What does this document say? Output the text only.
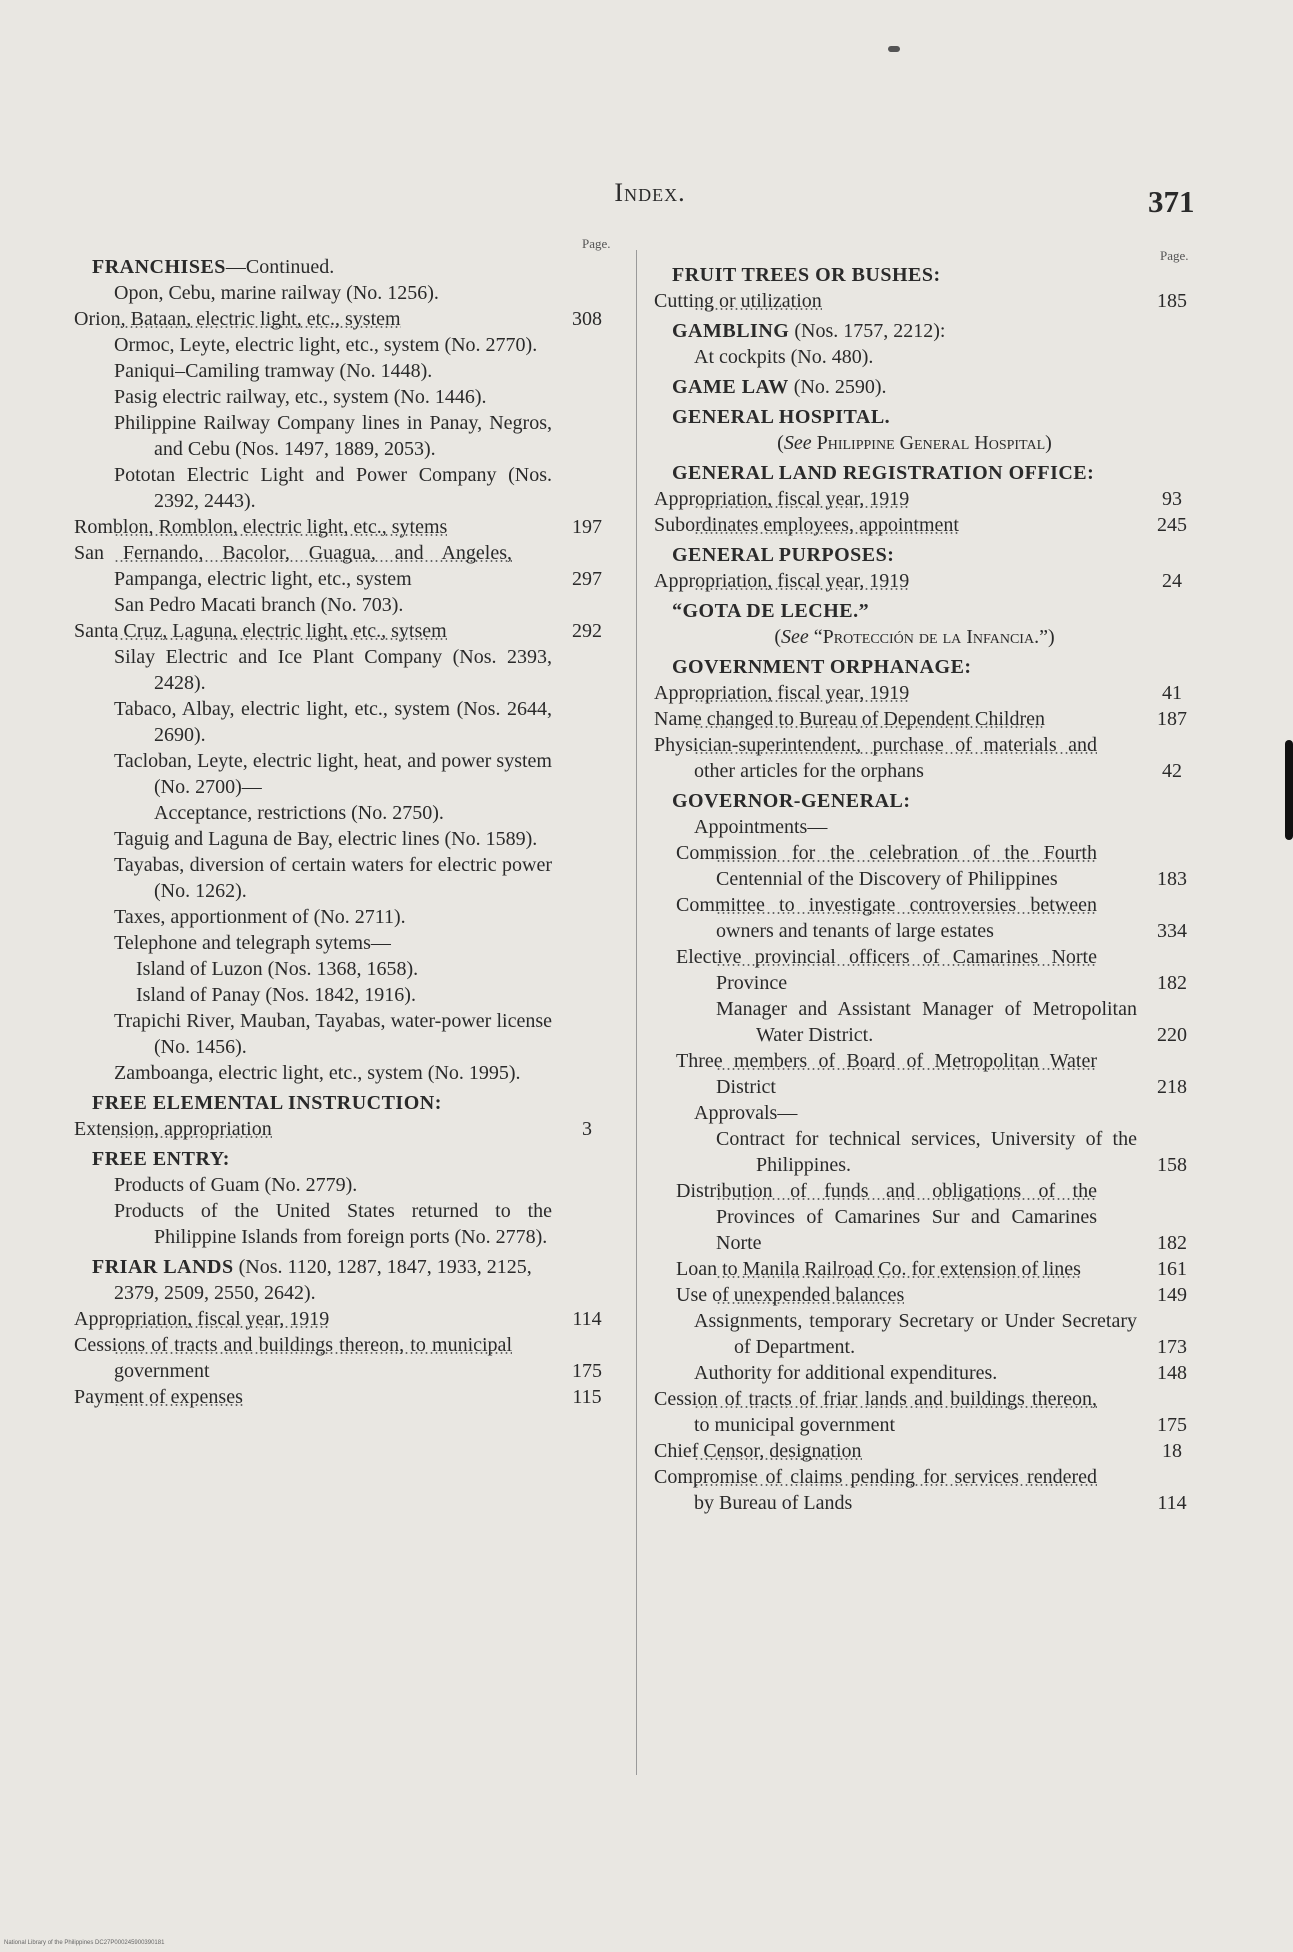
Index.	371
Page.
Page.
FRANCHISES—Continued.
Opon, Cebu, marine railway (No. 1256).
Orion, Bataan, electric light, etc., system	308
Ormoc, Leyte, electric light, etc., system (No. 2770).
Paniqui–Camiling tramway (No. 1448).
Pasig electric railway, etc., system (No. 1446).
Philippine Railway Company lines in Panay, Negros, and Cebu (Nos. 1497, 1889, 2053).
Pototan Electric Light and Power Company (Nos. 2392, 2443).
Romblon, Romblon, electric light, etc., sytems	197
San Fernando, Bacolor, Guagua, and Angeles, Pampanga, electric light, etc., system	297
San Pedro Macati branch (No. 703).
Santa Cruz, Laguna, electric light, etc., sytsem	292
Silay Electric and Ice Plant Company (Nos. 2393, 2428).
Tabaco, Albay, electric light, etc., system (Nos. 2644, 2690).
Tacloban, Leyte, electric light, heat, and power system (No. 2700)—
Acceptance, restrictions (No. 2750).
Taguig and Laguna de Bay, electric lines (No. 1589).
Tayabas, diversion of certain waters for electric power (No. 1262).
Taxes, apportionment of (No. 2711).
Telephone and telegraph sytems—
Island of Luzon (Nos. 1368, 1658).
Island of Panay (Nos. 1842, 1916).
Trapichi River, Mauban, Tayabas, water-power license (No. 1456).
Zamboanga, electric light, etc., system (No. 1995).
FREE ELEMENTAL INSTRUCTION:
Extension, appropriation	3
FREE ENTRY:
Products of Guam (No. 2779).
Products of the United States returned to the Philippine Islands from foreign ports (No. 2778).
FRIAR LANDS (Nos. 1120, 1287, 1847, 1933, 2125, 2379, 2509, 2550, 2642).
Appropriation, fiscal year, 1919	114
Cessions of tracts and buildings thereon, to municipal government	175
Payment of expenses	115
FRUIT TREES OR BUSHES:
Cutting or utilization	185
GAMBLING (Nos. 1757, 2212):
At cockpits (No. 480).
GAME LAW (No. 2590).
GENERAL HOSPITAL.
(See Philippine General Hospital)
GENERAL LAND REGISTRATION OFFICE:
Appropriation, fiscal year, 1919	93
Subordinates employees, appointment	245
GENERAL PURPOSES:
Appropriation, fiscal year, 1919	24
“GOTA DE LECHE.”
(See “Protección de la Infancia.”)
GOVERNMENT ORPHANAGE:
Appropriation, fiscal year, 1919	41
Name changed to Bureau of Dependent Children	187
Physician-superintendent, purchase of materials and other articles for the orphans	42
GOVERNOR-GENERAL:
Appointments—
Commission for the celebration of the Fourth Centennial of the Discovery of Philippines	183
Committee to investigate controversies between owners and tenants of large estates	334
Elective provincial officers of Camarines Norte Province	182
Manager and Assistant Manager of Metropolitan Water District.	220
Three members of Board of Metropolitan Water District	218
Approvals—
Contract for technical services, University of the Philippines.	158
Distribution of funds and obligations of the Provinces of Camarines Sur and Camarines Norte	182
Loan to Manila Railroad Co. for extension of lines	161
Use of unexpended balances	149
Assignments, temporary Secretary or Under Secretary of Department.	173
Authority for additional expenditures.	148
Cession of tracts of friar lands and buildings thereon, to municipal government	175
Chief Censor, designation	18
Compromise of claims pending for services rendered by Bureau of Lands	114
National Library of the Philippines DC27P000245900390181
